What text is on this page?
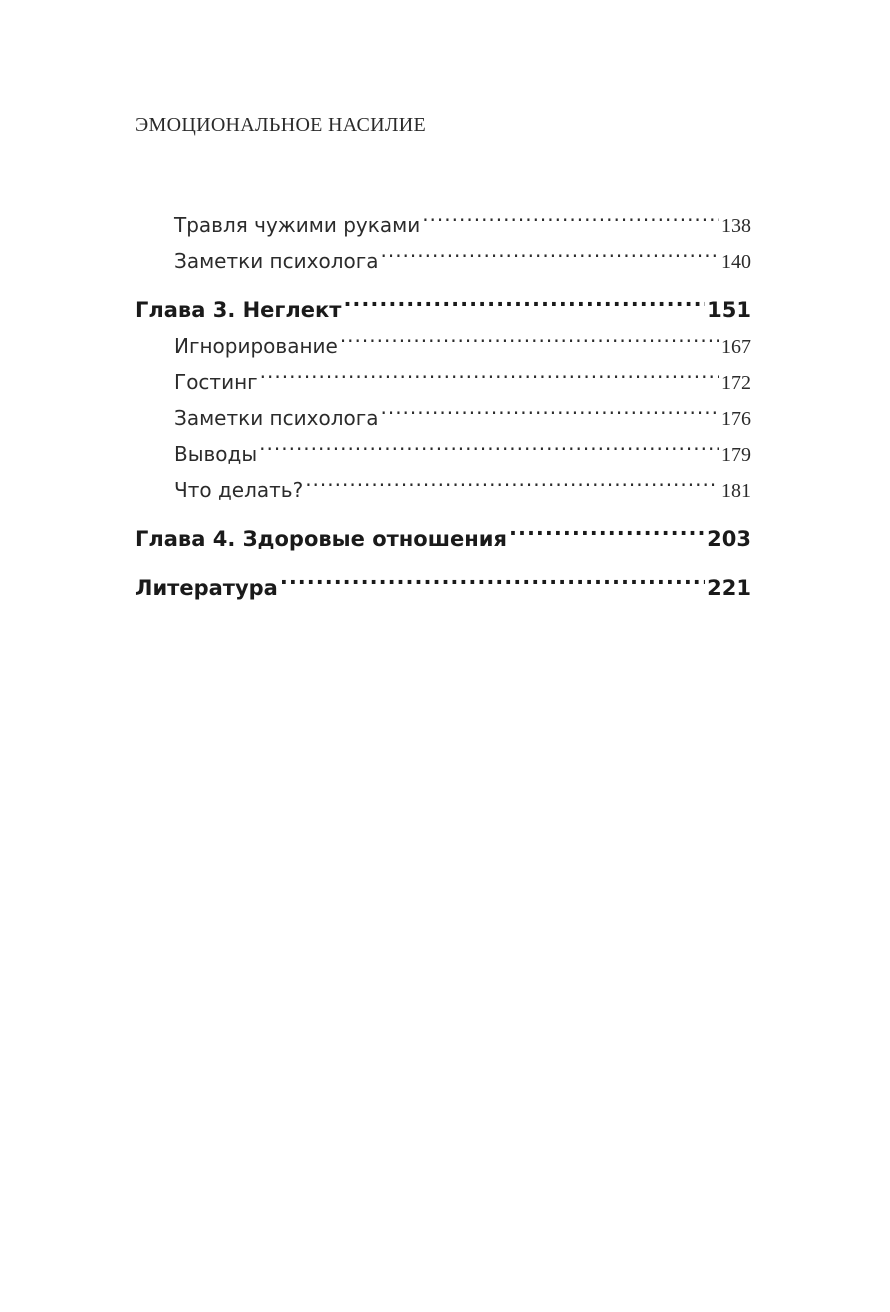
ЭМОЦИОНАЛЬНОЕ НАСИЛИЕ
Травля чужими руками .....	138
Заметки психолога .....	140
Глава 3. Неглект .....	151
Игнорирование .....	167
Гостинг .....	172
Заметки психолога .....	176
Выводы .....	179
Что делать? .....	181
Глава 4. Здоровые отношения .....	203
Литература .....	221
